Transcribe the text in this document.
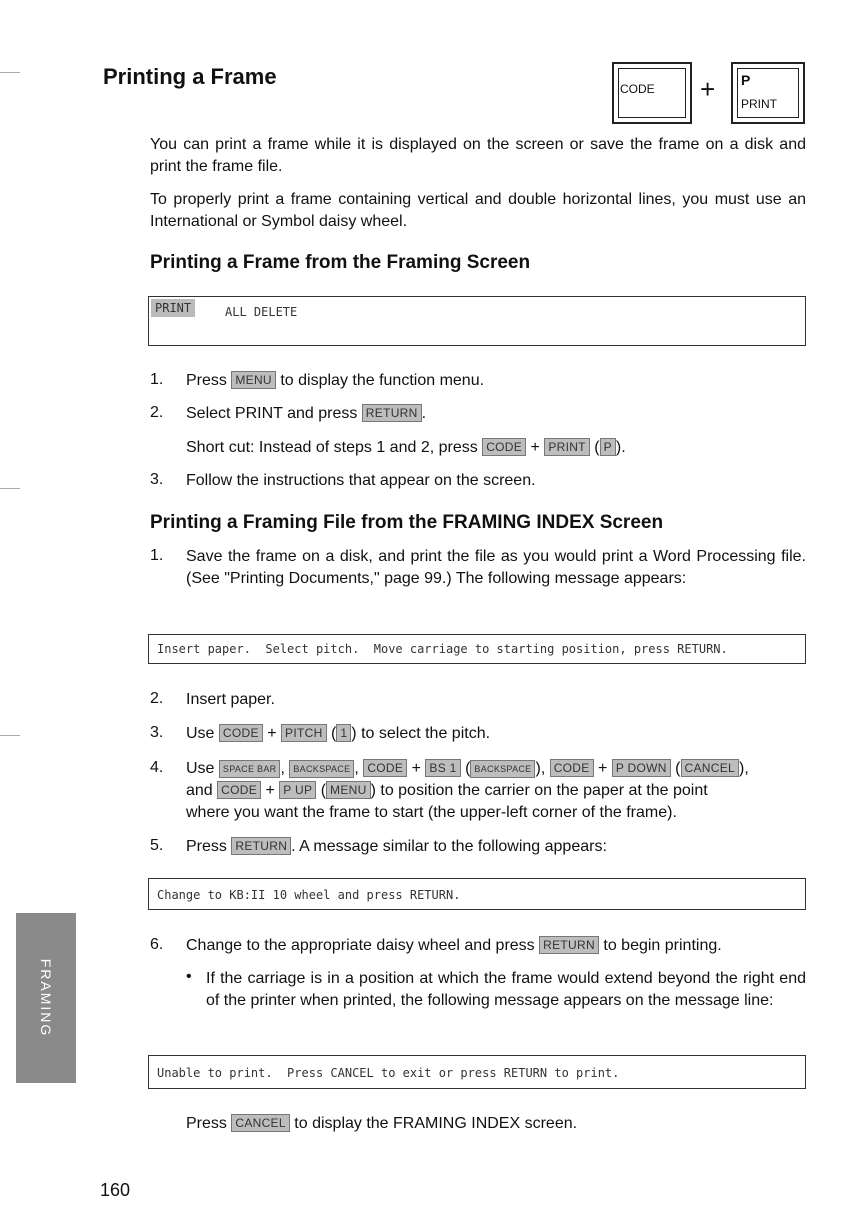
Printing a Frame	CODE + P
PRINT

You can print a frame while it is displayed on the screen or save the frame on a disk and print the frame file.

To properly print a frame containing vertical and double horizontal lines, you must use an International or Symbol daisy wheel.

Printing a Frame from the Framing Screen
PRINT	ALL DELETE
1. Press MENU to display the function menu.
2. Select PRINT and press RETURN .
Short cut: Instead of steps 1 and 2, press CODE + PRINT ( P ).
3. Follow the instructions that appear on the screen.
Printing a Framing File from the FRAMING INDEX Screen
1. Save the frame on a disk, and print the file as you would print a Word Processing file. (See "Printing Documents," page 99.) The following message appears:

Insert paper.  Select pitch.  Move carriage to starting position, press RETURN.
2. Insert paper.
3. Use CODE + PITCH ( 1 ) to select the pitch.
4. Use SPACE BAR , BACKSPACE , CODE + BS 1 ( BACKSPACE ), CODE + P DOWN ( CANCEL ),
and CODE + P UP ( MENU ) to position the carrier on the paper at the point
where you want the frame to start (the upper-left corner of the frame).
5. Press RETURN . A message similar to the following appears:
Change to KB:II 10 wheel and press RETURN.
6. Change to the appropriate daisy wheel and press RETURN to begin printing.
• If the carriage is in a position at which the frame would extend beyond the right end of the printer when printed, the following message appears on the message line:

Unable to print.  Press CANCEL to exit or press RETURN to print.
Press CANCEL to display the FRAMING INDEX screen.
FRAMING
160
